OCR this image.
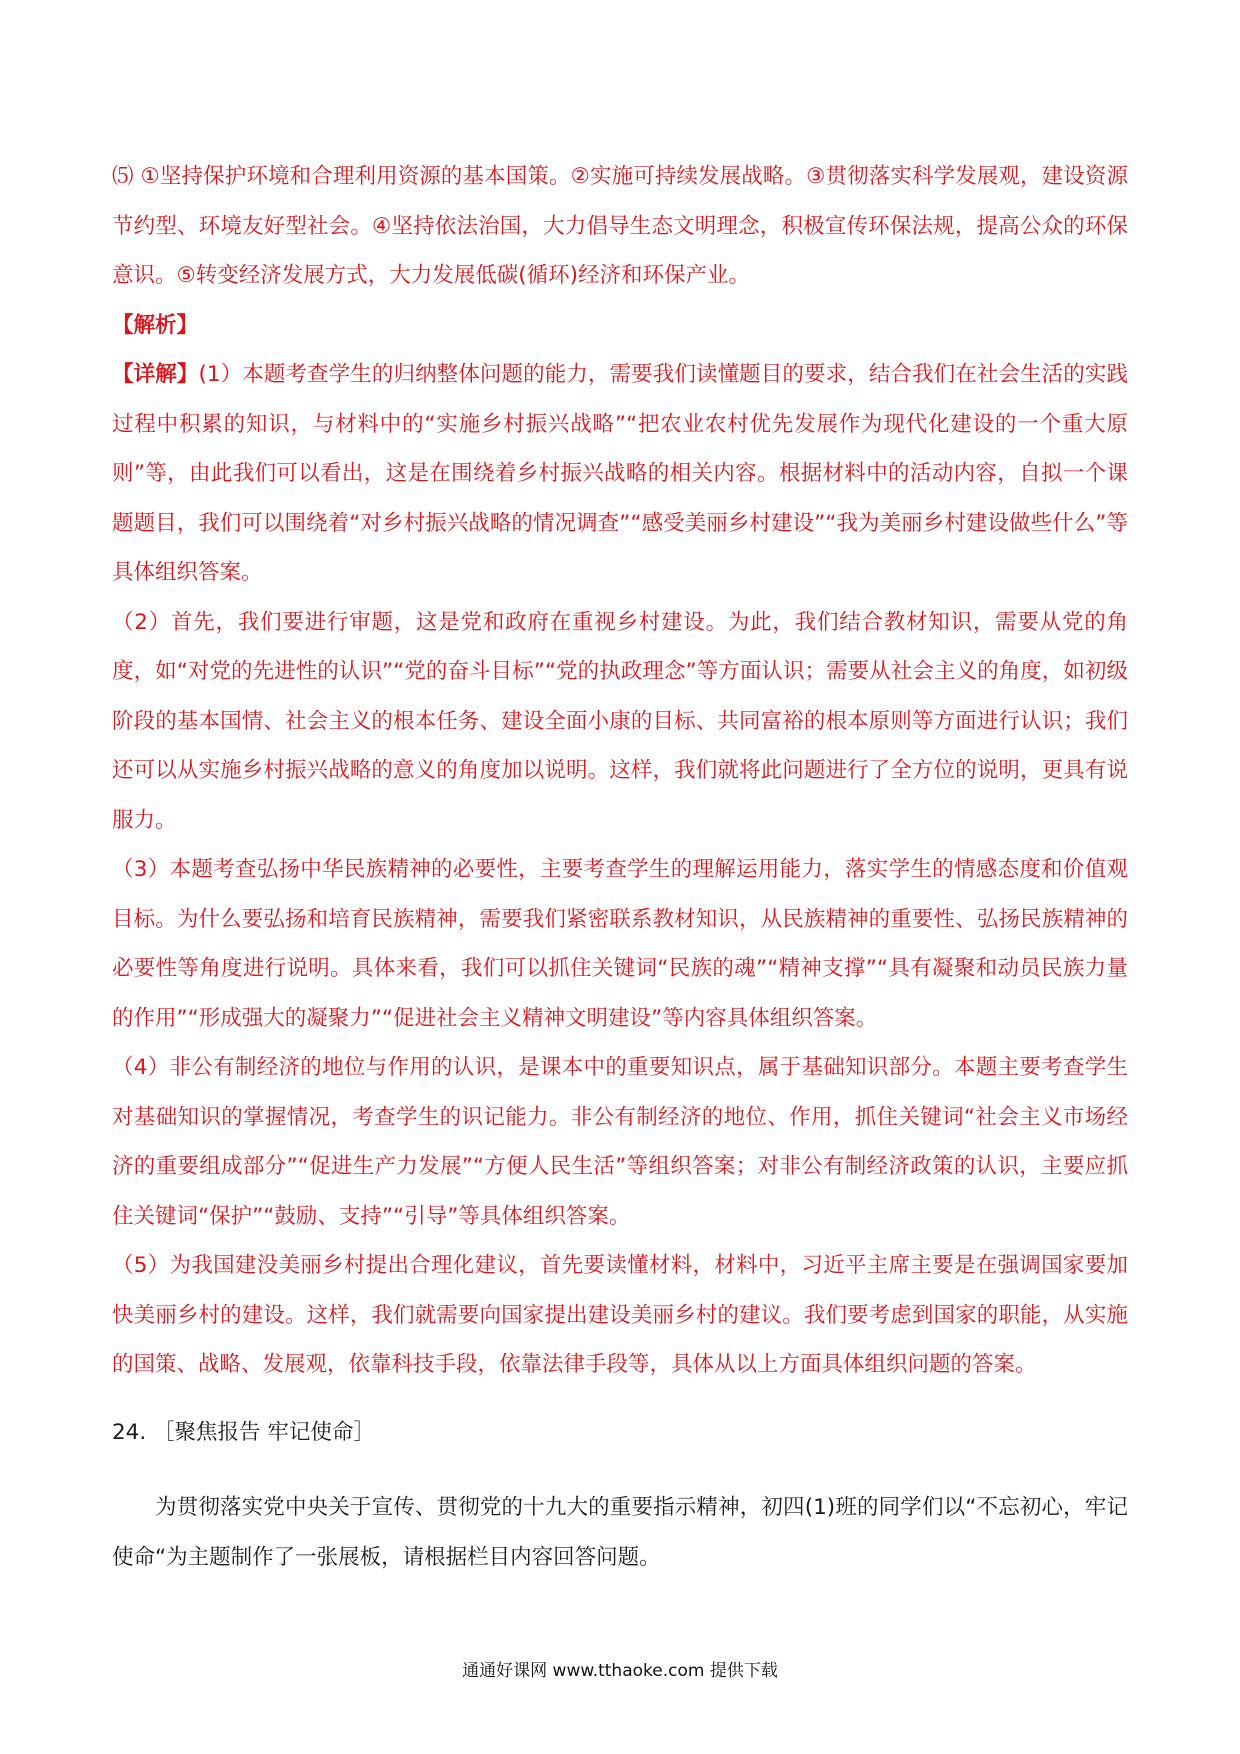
⑸ ①坚持保护环境和合理利用资源的基本国策。②实施可持续发展战略。③贯彻落实科学发展观，建设资源节约型、环境友好型社会。④坚持依法治国，大力倡导生态文明理念，积极宣传环保法规，提高公众的环保意识。⑤转变经济发展方式，大力发展低碳(循环)经济和环保产业。

【解析】

【详解】(1）本题考查学生的归纳整体问题的能力，需要我们读懂题目的要求，结合我们在社会生活的实践过程中积累的知识，与材料中的“实施乡村振兴战略”“把农业农村优先发展作为现代化建设的一个重大原则”等，由此我们可以看出，这是在围绕着乡村振兴战略的相关内容。根据材料中的活动内容，自拟一个课题题目，我们可以围绕着“对乡村振兴战略的情况调查”“感受美丽乡村建设”“我为美丽乡村建设做些什么”等具体组织答案。

（2）首先，我们要进行审题，这是党和政府在重视乡村建设。为此，我们结合教材知识，需要从党的角度，如“对党的先进性的认识”“党的奋斗目标”“党的执政理念”等方面认识；需要从社会主义的角度，如初级阶段的基本国情、社会主义的根本任务、建设全面小康的目标、共同富裕的根本原则等方面进行认识；我们还可以从实施乡村振兴战略的意义的角度加以说明。这样，我们就将此问题进行了全方位的说明，更具有说服力。

（3）本题考查弘扬中华民族精神的必要性，主要考查学生的理解运用能力，落实学生的情感态度和价值观目标。为什么要弘扬和培育民族精神，需要我们紧密联系教材知识，从民族精神的重要性、弘扬民族精神的必要性等角度进行说明。具体来看，我们可以抓住关键词“民族的魂”“精神支撑”“具有凝聚和动员民族力量的作用”“形成强大的凝聚力”“促进社会主义精神文明建设”等内容具体组织答案。

（4）非公有制经济的地位与作用的认识，是课本中的重要知识点，属于基础知识部分。本题主要考查学生对基础知识的掌握情况，考查学生的识记能力。非公有制经济的地位、作用，抓住关键词“社会主义市场经济的重要组成部分”“促进生产力发展”“方便人民生活”等组织答案；对非公有制经济政策的认识，主要应抓住关键词“保护”“鼓励、支持”“引导”等具体组织答案。

（5）为我国建没美丽乡村提出合理化建议，首先要读懂材料，材料中，习近平主席主要是在强调国家要加快美丽乡村的建设。这样，我们就需要向国家提出建设美丽乡村的建议。我们要考虑到国家的职能，从实施的国策、战略、发展观，依靠科技手段，依靠法律手段等，具体从以上方面具体组织问题的答案。

24. ［聚焦报告 牢记使命］

为贯彻落实党中央关于宣传、贯彻党的十九大的重要指示精神，初四(1)班的同学们以“不忘初心，牢记使命“为主题制作了一张展板，请根据栏目内容回答问题。

通通好课网 www.tthaoke.com 提供下载
